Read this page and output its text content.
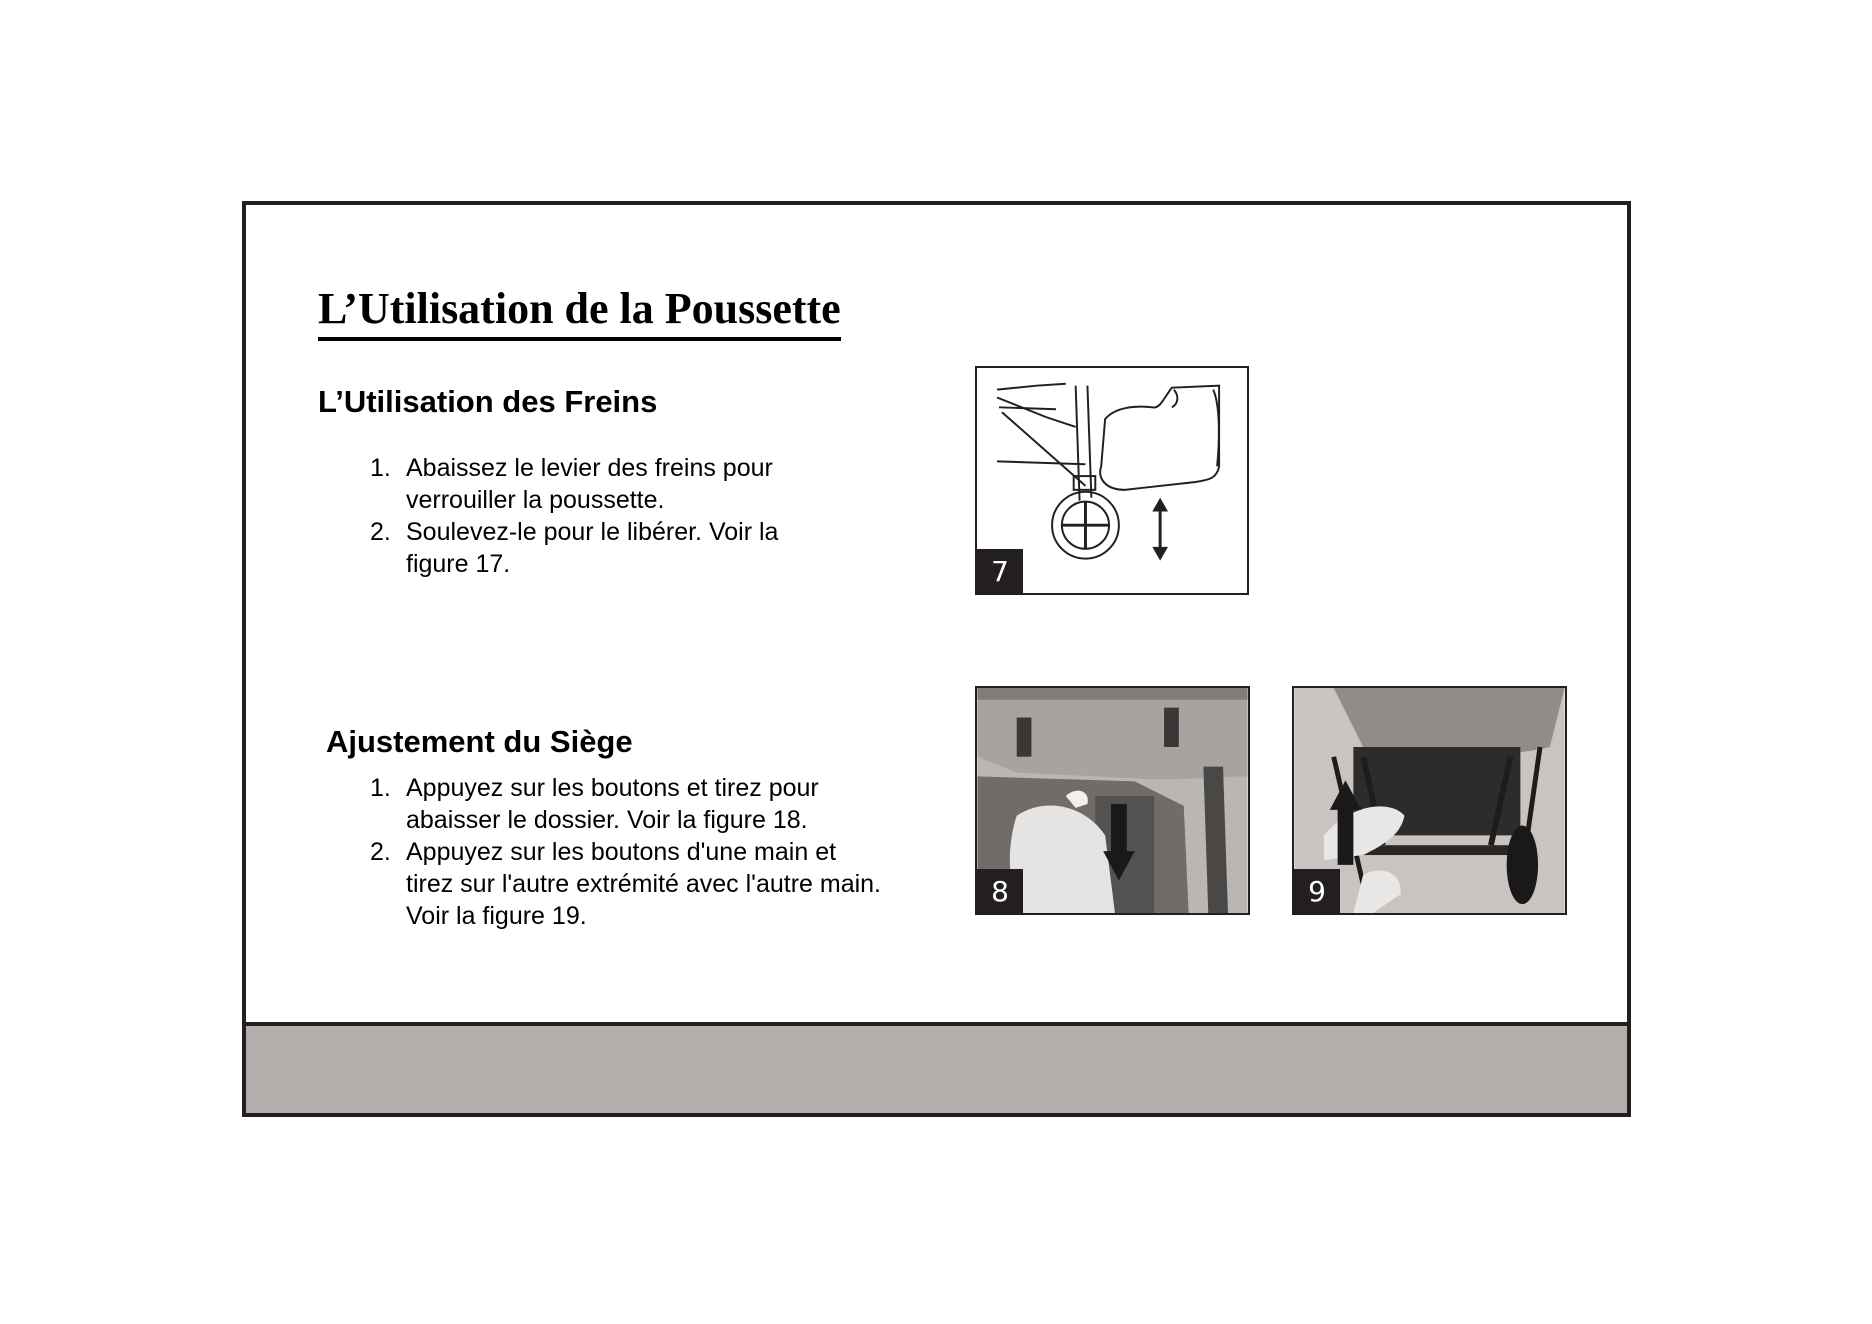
L’Utilisation de la Poussette
L’Utilisation des Freins
1. Abaissez le levier des freins pour verrouiller la poussette.
2. Soulevez-le pour le libérer. Voir la figure 17.
Ajustement du Siège
1. Appuyez sur les boutons et tirez pour abaisser le dossier. Voir la figure 18.
2. Appuyez sur les boutons d'une main et tirez sur l'autre extrémité avec l'autre main. Voir la figure 19.
7
8	9
